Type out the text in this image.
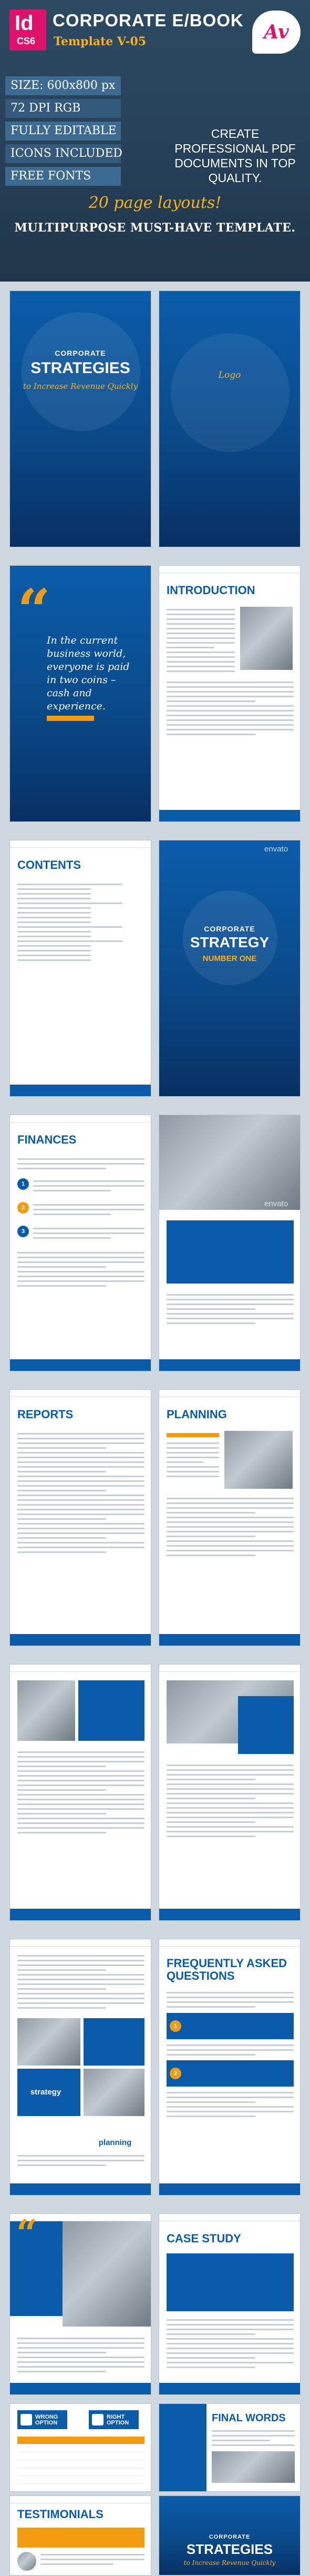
Id
CS6
CORPORATE E/BOOK
Template V-05	Av
SIZE: 600x800 px
72 DPI RGB
FULLY EDITABLE
ICONS INCLUDED
FREE FONTS
CREATE PROFESSIONAL PDF DOCUMENTS IN TOP QUALITY.
20 page layouts!
MULTIPURPOSE MUST-HAVE TEMPLATE.
CORPORATE
STRATEGIES
to Increase Revenue Quickly
Logo
“
In the current business world, everyone is paid in two coins – cash and experience.
INTRODUCTION
CONTENTS
CORPORATE
STRATEGY
NUMBER ONE
envato
FINANCES
1
2
3
envato
REPORTS	PLANNING
strategy
planning
FREQUENTLY ASKED QUESTIONS
1
2
“	CASE STUDY
WRONG OPTION
RIGHT OPTION	FINAL WORDS
TESTIMONIALS
CORPORATE
STRATEGIES
to Increase Revenue Quickly
